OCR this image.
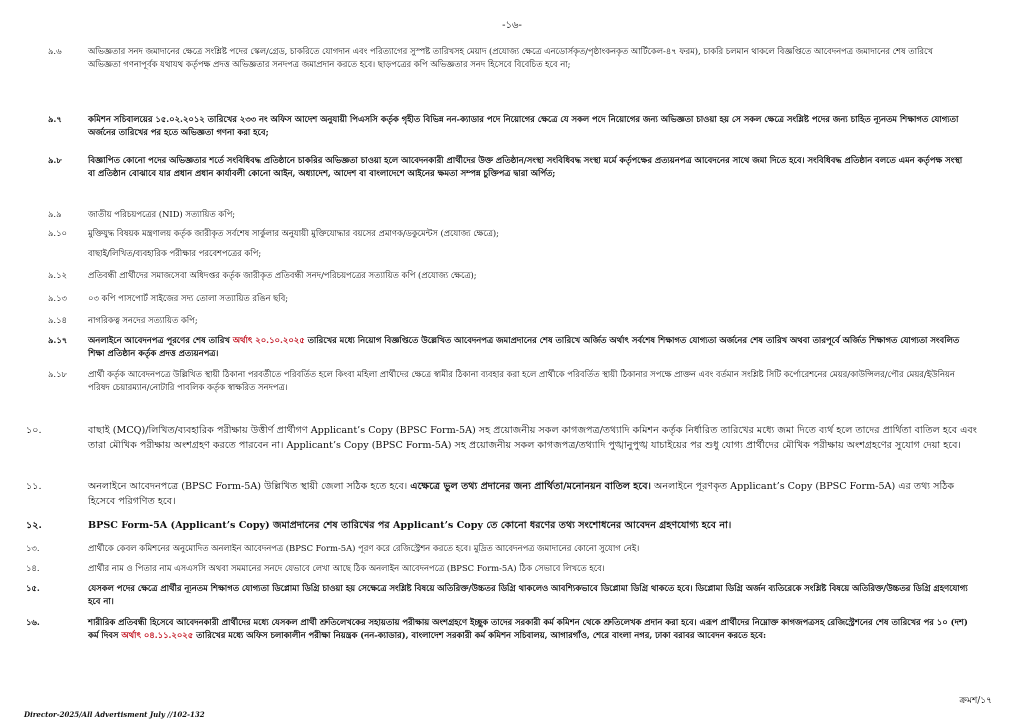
-১৬-
৯.৬	অভিজ্ঞতার সনদ জমাদানের ক্ষেত্রে সংশ্লিষ্ট পদের স্কেল/গ্রেড, চাকরিতে যোগদান এবং পরিত্যাগের সুস্পষ্ট তারিখসহ মেয়াদ (প্রযোজ্য ক্ষেত্রে এনডোর্সকৃত/পৃষ্ঠাংকনকৃত আর্টিকেল-৪৭ ফরম), চাকরি চলমান থাকলে বিজ্ঞপ্তিতে আবেদনপত্র জমাদানের শেষ তারিখে অভিজ্ঞতা গণনাপূর্বক যথাযথ কর্তৃপক্ষ প্রদত্ত অভিজ্ঞতার সনদপত্র জমাপ্রদান করতে হবে। ছাড়পত্রের কপি অভিজ্ঞতার সনদ হিসেবে বিবেচিত হবে না;
৯.৭	কমিশন সচিবালয়ের ১৫.০২.২০১২ তারিখের ২৩৩ নং অফিস আদেশ অনুযায়ী পিএসসি কর্তৃক গৃহীত বিভিন্ন নন-ক্যাডার পদে নিয়োগের ক্ষেত্রে যে সকল পদে নিয়োগের জন্য অভিজ্ঞতা চাওয়া হয় সে সকল ক্ষেত্রে সংশ্লিষ্ট পদের জন্য চাহিত ন্যূনতম শিক্ষাগত যোগ্যতা অর্জনের তারিখের পর হতে অভিজ্ঞতা গণনা করা হবে;
৯.৮	বিজ্ঞাপিত কোনো পদের অভিজ্ঞতার শর্তে সংবিধিবদ্ধ প্রতিষ্ঠানে চাকরির অভিজ্ঞতা চাওয়া হলে আবেদনকারী প্রার্থীদের উক্ত প্রতিষ্ঠান/সংস্থা সংবিধিবদ্ধ সংস্থা মর্মে কর্তৃপক্ষের প্রত্যয়নপত্র আবেদনের সাথে জমা দিতে হবে। সংবিধিবদ্ধ প্রতিষ্ঠান বলতে এমন কর্তৃপক্ষ সংস্থা বা প্রতিষ্ঠান বোঝাবে যার প্রধান প্রধান কার্যাবলী কোনো আইন, অধ্যাদেশ, আদেশ বা বাংলাদেশে আইনের ক্ষমতা সম্পন্ন চুক্তিপত্র দ্বারা অর্পিত;
৯.৯	জাতীয় পরিচয়পত্রের (NID) সত্যায়িত কপি;
৯.১০	মুক্তিযুদ্ধ বিষয়ক মন্ত্রণালয় কর্তৃক জারীকৃত সর্বশেষ সার্কুলার অনুযায়ী মুক্তিযোদ্ধার বয়সের প্রমাণক/ডকুমেন্টস (প্রযোজ্য ক্ষেত্রে);
বাছাই/লিখিত/ব্যবহারিক পরীক্ষার পরবেশপত্রের কপি;
৯.১২	প্রতিবন্ধী প্রার্থীদের সমাজসেবা অধিদপ্তর কর্তৃক জারীকৃত প্রতিবন্ধী সনদ/পরিচয়পত্রের সত্যায়িত কপি (প্রযোজ্য ক্ষেত্রে);
৯.১৩	০৩ কপি পাসপোর্ট সাইজের সদ্য তোলা সত্যায়িত রঙিন ছবি;
৯.১৪	নাগরিকত্ব সনদের সত্যায়িত কপি;
৯.১৭ অনলাইনে আবেদনপত্র পূরণের শেষ তারিখ অর্থাৎ ২০.১০.২০২৫ তারিখের মধ্যে নিয়োগ বিজ্ঞপ্তিতে উল্লেখিত আবেদনপত্র জমাপ্রদানের শেষ তারিখে অর্জিত অর্থাৎ সর্বশেষ শিক্ষাগত যোগ্যতা অর্জনের শেষ তারিখ অথবা তারপূর্বে অর্জিত শিক্ষাগত যোগ্যতা সংবলিত শিক্ষা প্রতিষ্ঠান কর্তৃক প্রদত্ত প্রত্যয়নপত্র।
৯.১৮	প্রার্থী কর্তৃক আবেদনপত্রে উল্লিখিত স্থায়ী ঠিকানা পরবর্তীতে পরিবর্তিত হলে কিংবা মহিলা প্রার্থীদের ক্ষেত্রে স্বামীর ঠিকানা ব্যবহার করা হলে প্রার্থীকে পরিবর্তিত স্থায়ী ঠিকানার সপক্ষে প্রাক্তন এবং বর্তমান সংশ্লিষ্ট সিটি কর্পোরেশনের মেয়র/কাউন্সিলর/পৌর মেয়র/ইউনিয়ন পরিষদ চেয়ারম্যান/নোটারি পাবলিক কর্তৃক স্বাক্ষরিত সনদপত্র।
১০.	বাছাই (MCQ)/লিখিত/ব্যবহারিক পরীক্ষায় উত্তীর্ণ প্রার্থীগণ Applicant’s Copy (BPSC Form-5A) সহ প্রয়োজনীয় সকল কাগজপত্র/তথ্যাদি কমিশন কর্তৃক নির্ধারিত তারিখের মধ্যে জমা দিতে ব্যর্থ হলে তাদের প্রার্থিতা বাতিল হবে এবং তারা মৌখিক পরীক্ষায় অংশগ্রহণ করতে পারবেন না। Applicant’s Copy (BPSC Form-5A) সহ প্রয়োজনীয় সকল কাগজপত্র/তথ্যাদি পুঙ্খানুপুঙ্খ যাচাইয়ের পর শুধু যোগ্য প্রার্থীদের মৌখিক পরীক্ষায় অংশগ্রহণের সুযোগ দেয়া হবে।
১১.	অনলাইনে আবেদনপত্রে (BPSC Form-5A) উল্লিখিত স্থায়ী জেলা সঠিক হতে হবে। এক্ষেত্রে ভুল তথ্য প্রদানের জন্য প্রার্থিতা/মনোনয়ন বাতিল হবে। অনলাইনে পূরণকৃত Applicant’s Copy (BPSC Form-5A) এর তথ্য সঠিক হিসেবে পরিগণিত হবে।
১২.	BPSC Form-5A (Applicant’s Copy) জমাপ্রদানের শেষ তারিখের পর Applicant’s Copy তে কোনো ধরণের তথ্য সংশোধনের আবেদন গ্রহণযোগ্য হবে না।
১৩.	প্রার্থীকে কেবল কমিশনের অনুমোদিত অনলাইন আবেদনপত্র (BPSC Form-5A) পূরণ করে রেজিস্ট্রেশন করতে হবে। মুদ্রিত আবেদনপত্র জমাদানের কোনো সুযোগ নেই।
১৪.	প্রার্থীর নাম ও পিতার নাম এসএসসি অথবা সমমানের সনদে যেভাবে লেখা আছে ঠিক অনলাইন আবেদনপত্রে (BPSC Form-5A) ঠিক সেভাবে লিখতে হবে।
১৫.	যেসকল পদের ক্ষেত্রে প্রার্থীর ন্যূনতম শিক্ষাগত যোগ্যতা ডিপ্লোমা ডিগ্রি চাওয়া হয় সেক্ষেত্রে সংশ্লিষ্ট বিষয়ে অতিরিক্ত/উচ্চতর ডিগ্রি থাকলেও আবশ্যিকভাবে ডিপ্লোমা ডিগ্রি থাকতে হবে। ডিপ্লোমা ডিগ্রি অর্জন ব্যতিরেকে সংশ্লিষ্ট বিষয়ে অতিরিক্ত/উচ্চতর ডিগ্রি গ্রহণযোগ্য হবে না।
১৬.	শারীরিক প্রতিবন্ধী হিসেবে আবেদনকারী প্রার্থীদের মধ্যে যেসকল প্রার্থী শ্রুতিলেখকের সহায়তায় পরীক্ষায় অংশগ্রহণে ইচ্ছুক তাদের সরকারী কর্ম কমিশন থেকে শ্রুতিলেখক প্রদান করা হবে। এরূপ প্রার্থীদের নিম্নোক্ত কাগজপত্রসহ রেজিস্ট্রেশনের শেষ তারিখের পর ১০ (দশ) কর্ম দিবস অর্থাৎ ০৪.১১.২০২৫ তারিখের মধ্যে অফিস চলাকালীন পরীক্ষা নিয়ন্ত্রক (নন-ক্যাডার), বাংলাদেশ সরকারী কর্ম কমিশন সচিবালয়, আগারগাঁও, শেরে বাংলা নগর, ঢাকা বরাবর আবেদন করতে হবে:
ক্রমশ/১৭
Director-2025/All Advertisment July //102-132
